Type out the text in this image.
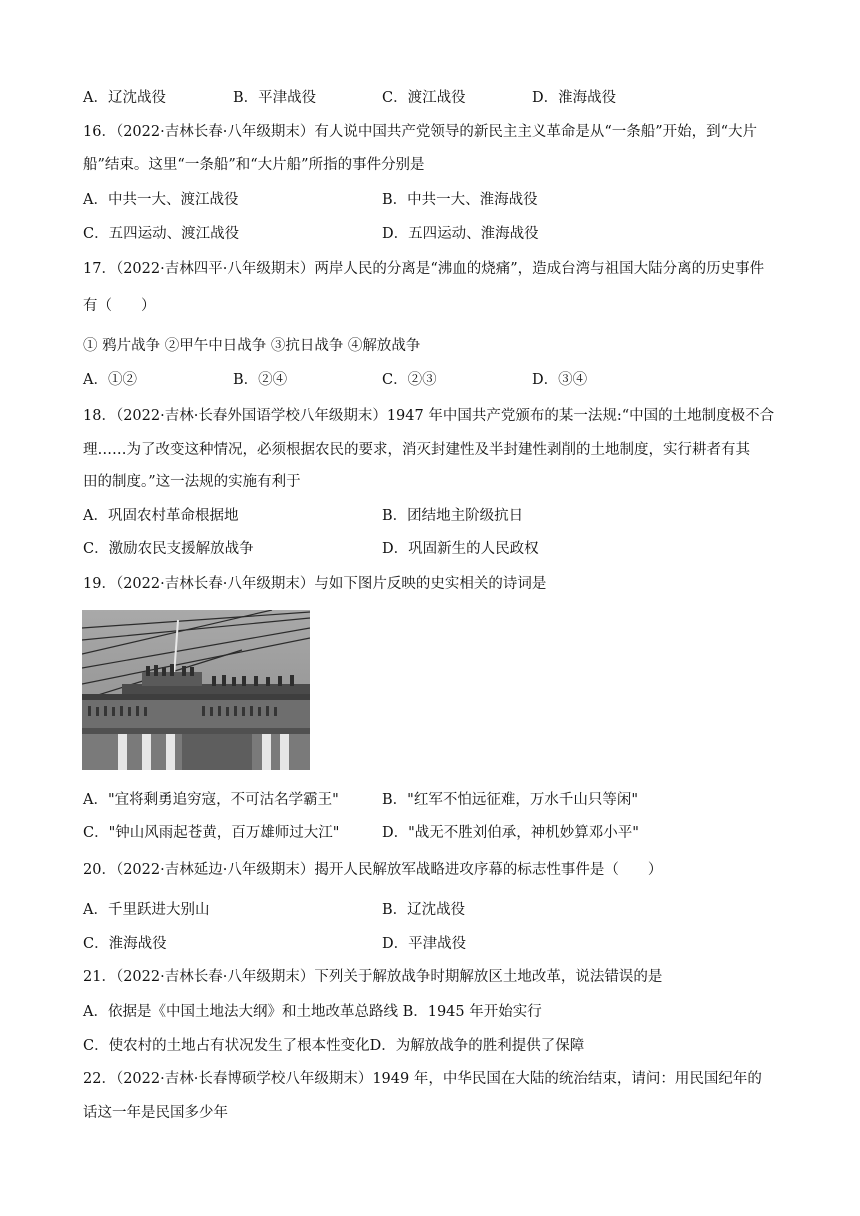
A．辽沈战役	B．平津战役	C．渡江战役	D．淮海战役
16．（2022·吉林长春·八年级期末）有人说中国共产党领导的新民主主义革命是从“一条船”开始，到“大片
船”结束。这里“一条船”和“大片船”所指的事件分别是
A．中共一大、渡江战役	B．中共一大、淮海战役
C．五四运动、渡江战役	D．五四运动、淮海战役
17．（2022·吉林四平·八年级期末）两岸人民的分离是“沸血的烧痛”，造成台湾与祖国大陆分离的历史事件
有（　　）
① 鸦片战争 ②甲午中日战争 ③抗日战争 ④解放战争
A．①②	B．②④	C．②③	D．③④
18．（2022·吉林·长春外国语学校八年级期末）1947 年中国共产党颁布的某一法规:“中国的土地制度极不合
理……为了改变这种情况，必须根据农民的要求，消灭封建性及半封建性剥削的土地制度，实行耕者有其
田的制度。”这一法规的实施有利于
A．巩固农村革命根据地	B．团结地主阶级抗日
C．激励农民支援解放战争	D．巩固新生的人民政权
19．（2022·吉林长春·八年级期末）与如下图片反映的史实相关的诗词是
A．"宜将剩勇追穷寇，不可沽名学霸王"	B．"红军不怕远征难，万水千山只等闲"
C．"钟山风雨起苍黄，百万雄师过大江"	D．"战无不胜刘伯承，神机妙算邓小平"
20．（2022·吉林延边·八年级期末）揭开人民解放军战略进攻序幕的标志性事件是（　　）
A．千里跃进大别山	B．辽沈战役
C．淮海战役	D．平津战役
21．（2022·吉林长春·八年级期末）下列关于解放战争时期解放区土地改革，说法错误的是
A．依据是《中国土地法大纲》和土地改革总路线 B．1945 年开始实行
C．使农村的土地占有状况发生了根本性变化D．为解放战争的胜利提供了保障
22．（2022·吉林·长春博硕学校八年级期末）1949 年，中华民国在大陆的统治结束，请问：用民国纪年的
话这一年是民国多少年
